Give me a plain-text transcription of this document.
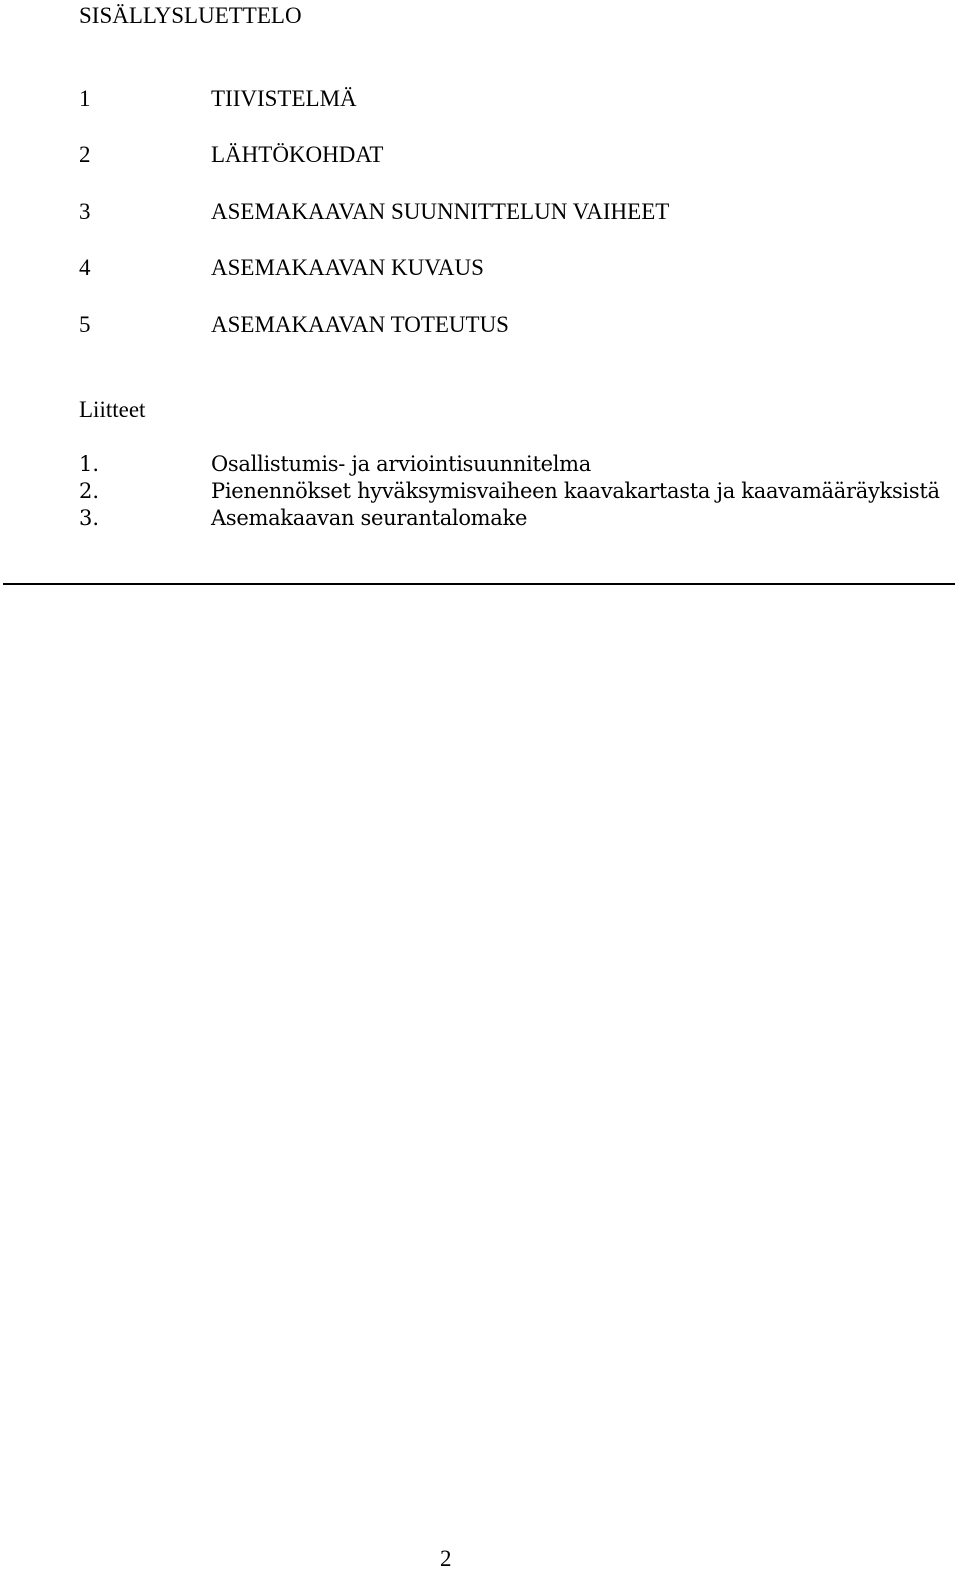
SISÄLLYSLUETTELO
1	TIIVISTELMÄ
2	LÄHTÖKOHDAT
3	ASEMAKAAVAN SUUNNITTELUN VAIHEET
4	ASEMAKAAVAN KUVAUS
5	ASEMAKAAVAN TOTEUTUS
Liitteet
1.	Osallistumis- ja arviointisuunnitelma
2.	Pienennökset hyväksymisvaiheen kaavakartasta ja kaavamääräyksistä
3.	Asemakaavan seurantalomake
2
